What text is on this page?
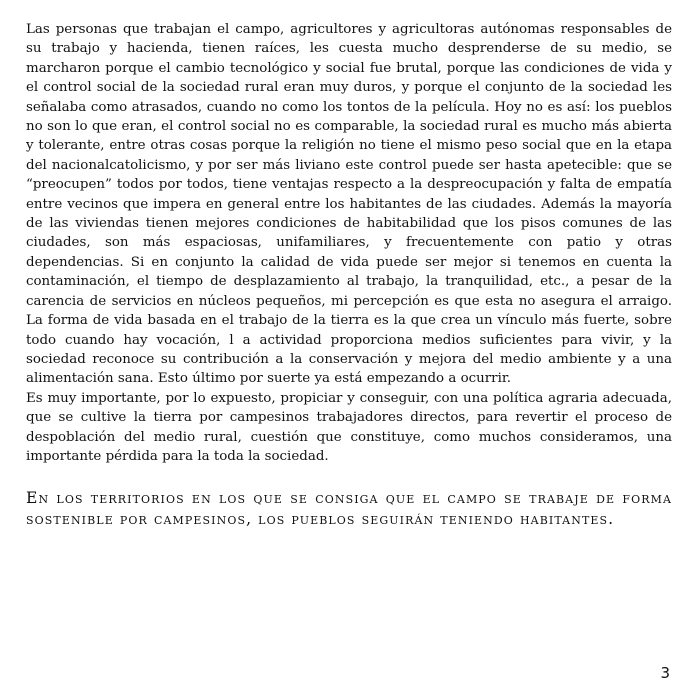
Las personas que trabajan el campo, agricultores y agricultoras autónomas responsables de su trabajo y hacienda, tienen raíces, les cuesta mucho desprenderse de su medio, se marcharon porque el cambio tecnológico y social fue brutal, porque las condiciones de vida y el control social de la sociedad rural eran muy duros, y porque el conjunto de la sociedad les señalaba como atrasados, cuando no como los tontos de la película. Hoy no es así: los pueblos no son lo que eran, el control social no es comparable, la sociedad rural es mucho más abierta y tolerante, entre otras cosas porque la religión no tiene el mismo peso social que en la etapa del nacionalcatolicismo, y por ser más liviano este control puede ser hasta apetecible: que se “preocupen” todos por todos, tiene ventajas respecto a la despreocupación y falta de empatía entre vecinos que impera en general entre los habitantes de las ciudades. Además la mayoría de las viviendas tienen mejores condiciones de habitabilidad que los pisos comunes de las ciudades, son más espaciosas, unifamiliares, y frecuentemente con patio y otras dependencias. Si en conjunto la calidad de vida puede ser mejor si tenemos en cuenta la contaminación, el tiempo de desplazamiento al trabajo, la tranquilidad, etc., a pesar de la carencia de servicios en núcleos pequeños, mi percepción es que esta no asegura el arraigo. La forma de vida basada en el trabajo de la tierra es la que crea un vínculo más fuerte, sobre todo cuando hay vocación, l a actividad proporciona medios suficientes para vivir, y la sociedad reconoce su contribución a la conservación y mejora del medio ambiente y a una alimentación sana. Esto último por suerte ya está empezando a ocurrir.

Es muy importante, por lo expuesto, propiciar y conseguir, con una política agraria adecuada, que se cultive la tierra por campesinos trabajadores directos, para revertir el proceso de despoblación del medio rural, cuestión que constituye, como muchos consideramos, una importante pérdida para la toda la sociedad.

En los territorios en los que se consiga que el campo se trabaje de forma sostenible por campesinos, los pueblos seguirán teniendo habitantes.

3
